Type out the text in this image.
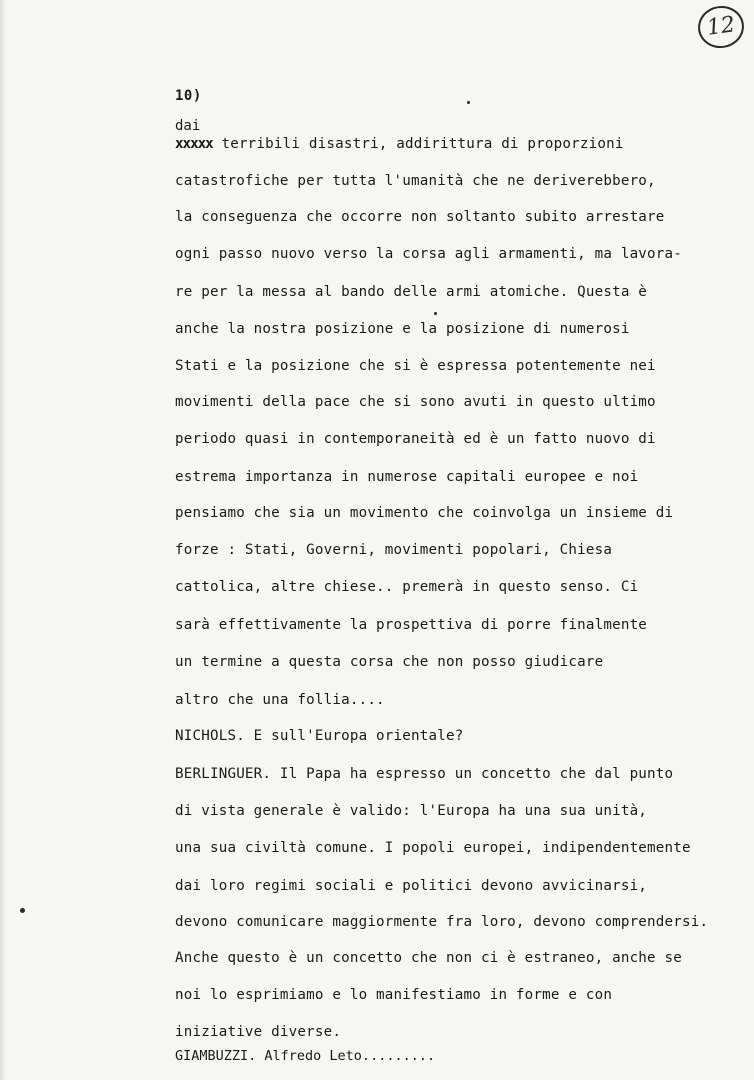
12
10)
dai
xxxxx terribili disastri, addirittura di proporzioni
catastrofiche per tutta l'umanità che ne deriverebbero,
la conseguenza che occorre non soltanto subito arrestare
ogni passo nuovo verso la corsa agli armamenti, ma lavora-
re per la messa al bando delle armi atomiche. Questa è
anche la nostra posizione e la posizione di numerosi
Stati e la posizione che si è espressa potentemente nei
movimenti della pace che si sono avuti in questo ultimo
periodo quasi in contemporaneità ed è un fatto nuovo di
estrema importanza in numerose capitali europee e noi
pensiamo che sia un movimento che coinvolga un insieme di
forze : Stati, Governi, movimenti popolari, Chiesa
cattolica, altre chiese.. premerà in questo senso. Ci
sarà effettivamente la prospettiva di porre finalmente
un termine a questa corsa che non posso giudicare
altro che una follia....
NICHOLS. E sull'Europa orientale?
BERLINGUER. Il Papa ha espresso un concetto che dal punto
di vista generale è valido: l'Europa ha una sua unità,
una sua civiltà comune. I popoli europei, indipendentemente
dai loro regimi sociali e politici devono avvicinarsi,
devono comunicare maggiormente fra loro, devono comprendersi.
Anche questo è un concetto che non ci è estraneo, anche se
noi lo esprimiamo e lo manifestiamo in forme e con
iniziative diverse.
GIAMBUZZI. Alfredo Leto.........
